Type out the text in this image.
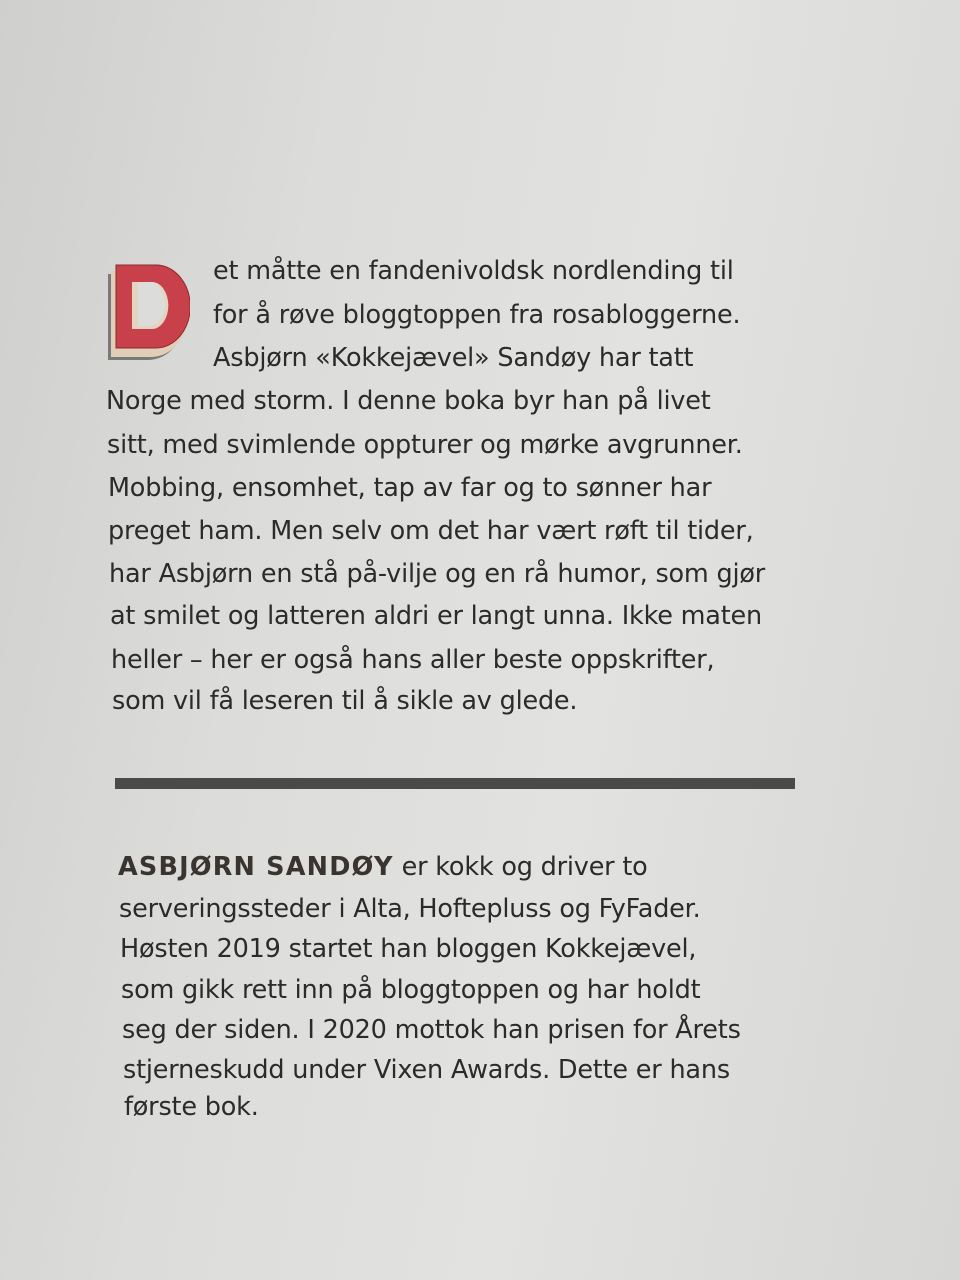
et måtte en fandenivoldsk nordlending til
for å røve bloggtoppen fra rosabloggerne.
Asbjørn «Kokkejævel» Sandøy har tatt
Norge med storm. I denne boka byr han på livet
sitt, med svimlende oppturer og mørke avgrunner.
Mobbing, ensomhet, tap av far og to sønner har
preget ham. Men selv om det har vært røft til tider,
har Asbjørn en stå på-vilje og en rå humor, som gjør
at smilet og latteren aldri er langt unna. Ikke maten
heller – her er også hans aller beste oppskrifter,
som vil få leseren til å sikle av glede.
ASBJØRN SANDØY er kokk og driver to
serveringssteder i Alta, Hoftepluss og FyFader.
Høsten 2019 startet han bloggen Kokkejævel,
som gikk rett inn på bloggtoppen og har holdt
seg der siden. I 2020 mottok han prisen for Årets
stjerneskudd under Vixen Awards. Dette er hans
første bok.
